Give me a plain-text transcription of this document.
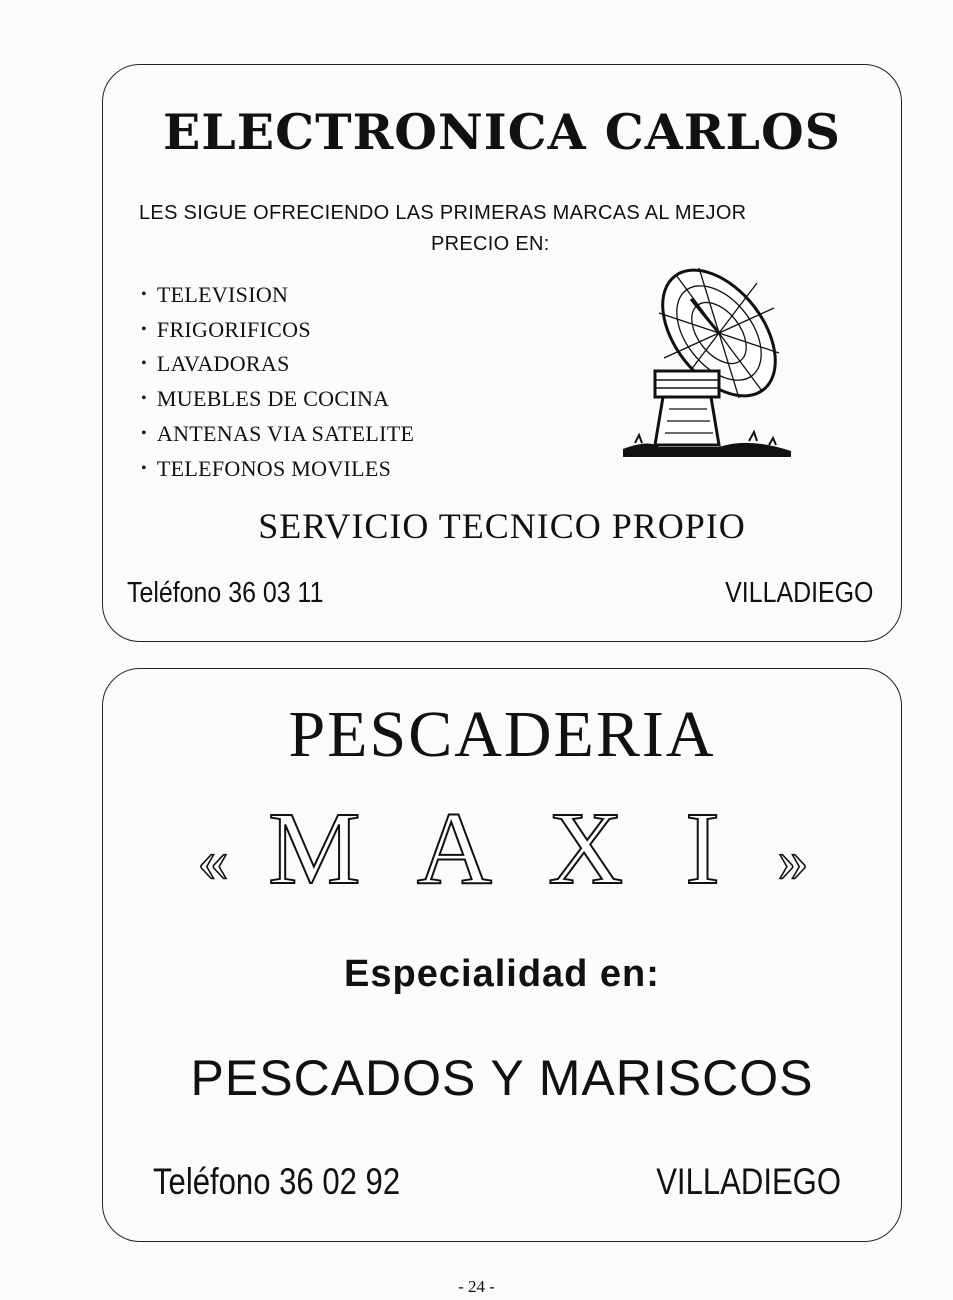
ELECTRONICA CARLOS
LES SIGUE OFRECIENDO LAS PRIMERAS MARCAS AL MEJOR
PRECIO EN:
• TELEVISION
• FRIGORIFICOS
• LAVADORAS
• MUEBLES DE COCINA
• ANTENAS VIA SATELITE
• TELEFONOS MOVILES
SERVICIO TECNICO PROPIO
Teléfono 36 03 11	VILLADIEGO
PESCADERIA
« M A X I »
Especialidad en:
PESCADOS Y MARISCOS
Teléfono 36 02 92	VILLADIEGO
- 24 -
